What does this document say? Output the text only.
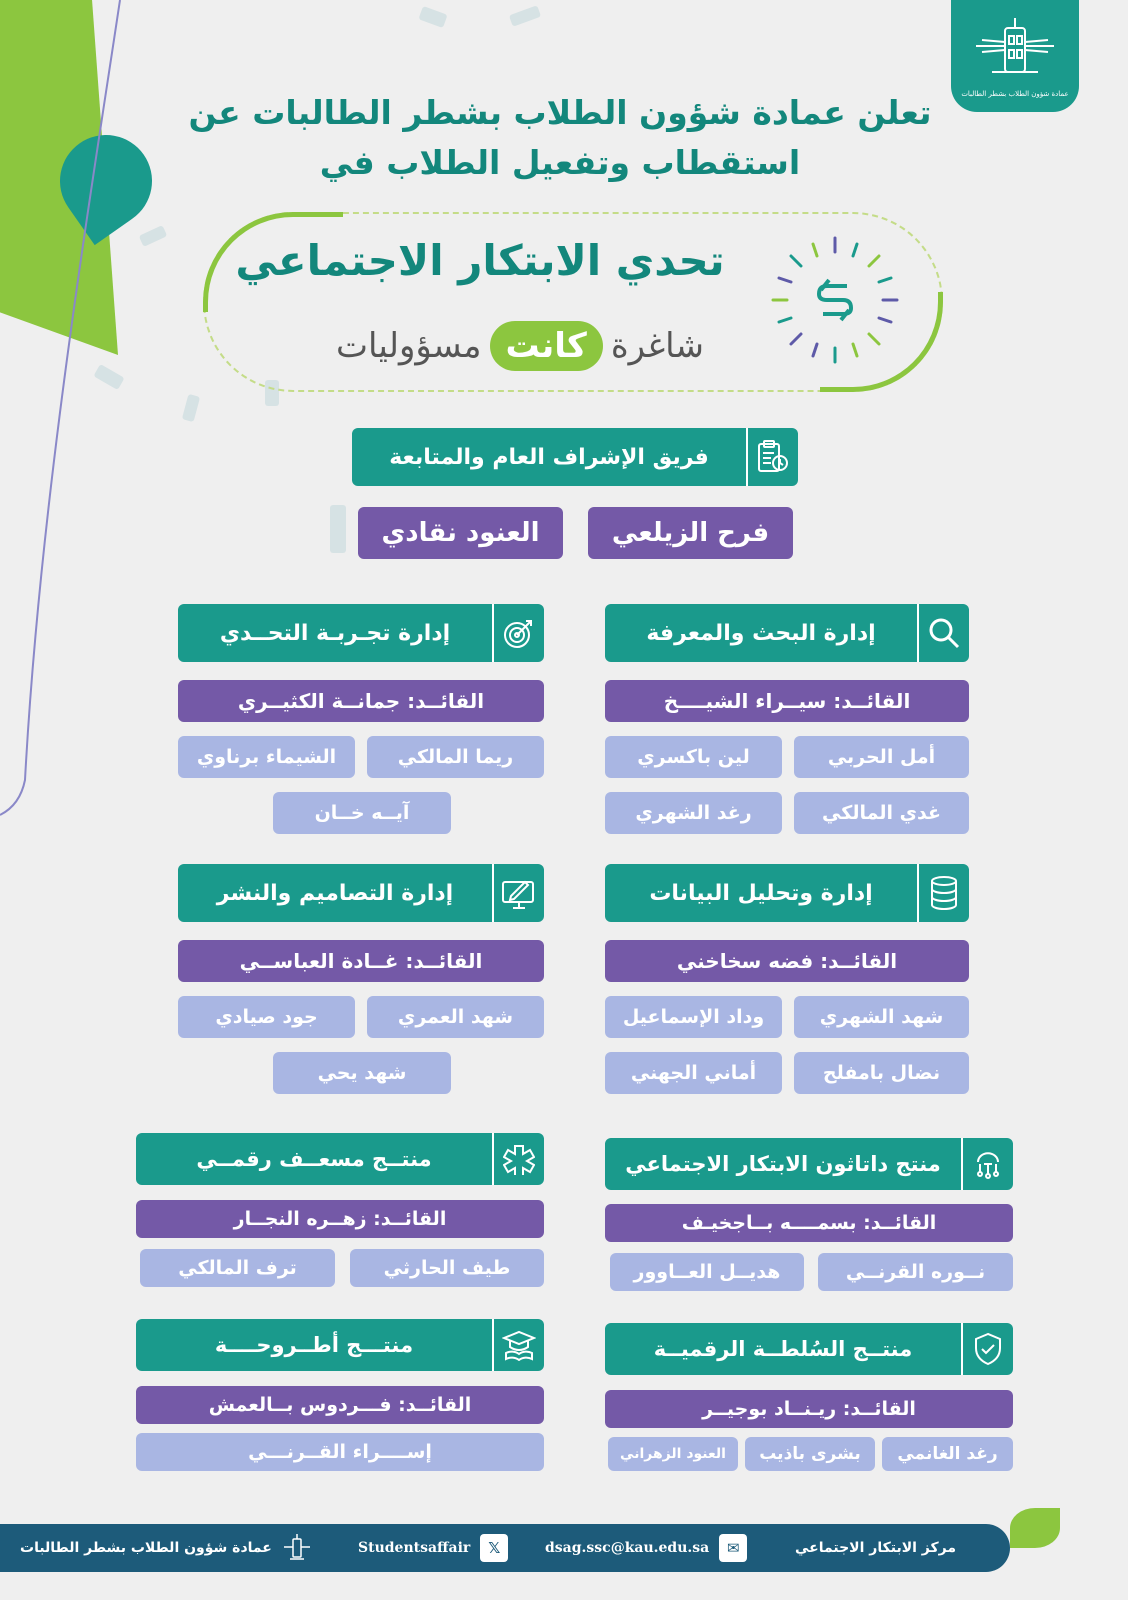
عمادة شؤون الطلاب بشطر الطالبات
تعلن عمادة شؤون الطلاب بشطر الطالبات عن
استقطاب وتفعيل الطلاب في
تحدي الابتكار الاجتماعي
مسؤوليات كانت شاغرة
فريق الإشراف العام والمتابعة
فرح الزيلعي
العنود نقادي
إدارة البحث والمعرفة
القائــد: سيــراء الشيــــخ
أمل الحربي
لين باكسري
غدي المالكي
رغد الشهري
إدارة تجـربـة التحــدي
القائــد: جمانــة الكثيــري
ريما المالكي
الشيماء برناوي
آيــه خــان
إدارة وتحليل البيانات
القائــد: فضه سخاخني
شهد الشهري
وداد الإسماعيل
نضال بامفلح
أماني الجهني
إدارة التصاميم والنشر
القائــد: غــادة العباســي
شهد العمري
جود صيادي
شهد يحي
منتج داتاثون الابتكار الاجتماعي
القائــد: بسمــــه بــاجخيـف
نــوره القرنــي
هديــل العــاوور
منتــج مسعــف رقمــي
القائــد: زهــره النجــار
طيف الحارثي
ترف المالكي
منتــج السُلطــة الرقميــة
القائــد: ريـنــاد بوجيــر
رغد الغانمي
بشرى باذيب
العنود الزهراني
منتـــج أطــروحــــة
القائــد: فـــردوس بــالعمش
إســــراء القــرنـــي
مركز الابتكار الاجتماعي
✉
dsag.ssc@kau.edu.sa
𝕏
Studentsaffair
عمادة شؤون الطلاب بشطر الطالبات
